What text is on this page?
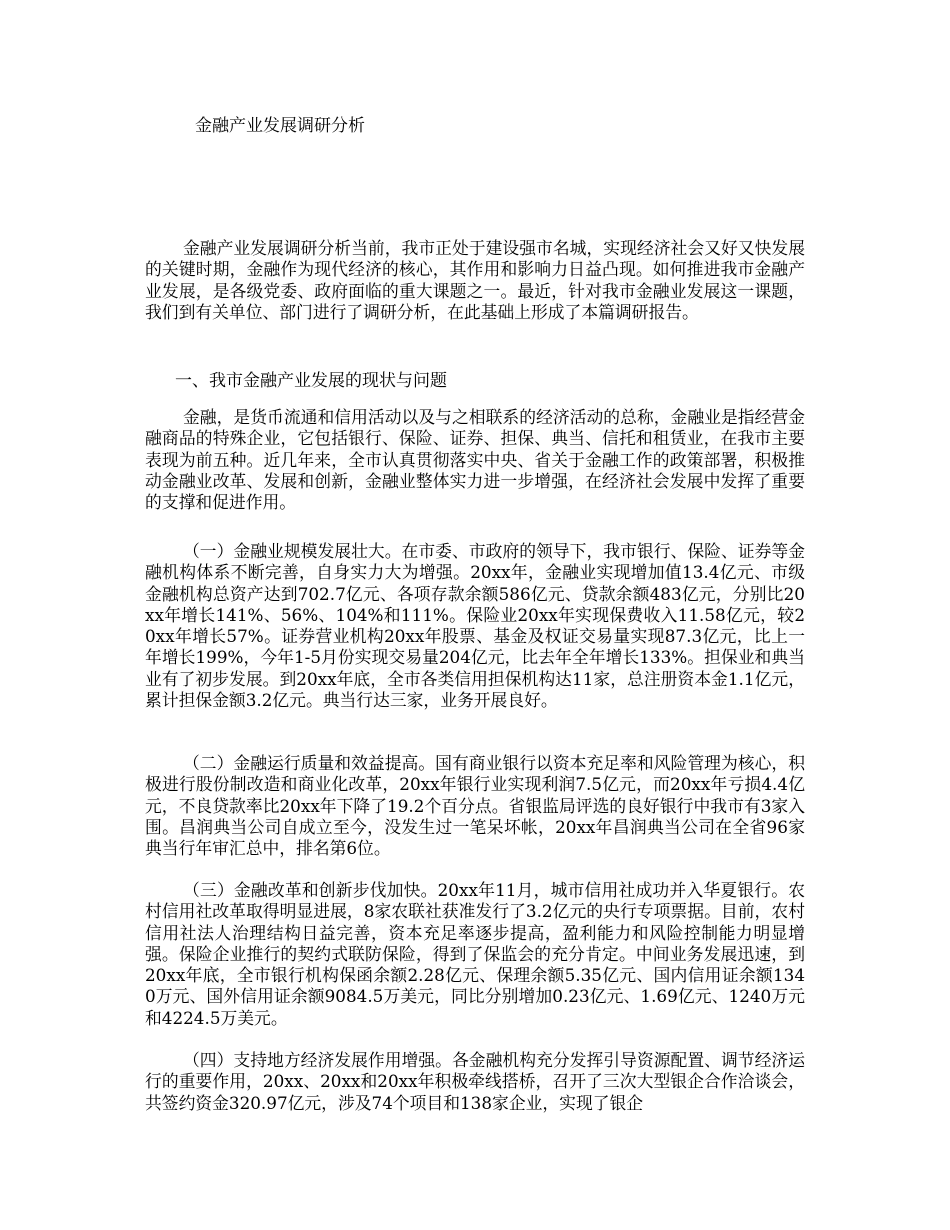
金融产业发展调研分析

金融产业发展调研分析当前，我市正处于建设强市名城，实现经济社会又好又快发展的关键时期，金融作为现代经济的核心，其作用和影响力日益凸现。如何推进我市金融产业发展，是各级党委、政府面临的重大课题之一。最近，针对我市金融业发展这一课题，我们到有关单位、部门进行了调研分析，在此基础上形成了本篇调研报告。

一、我市金融产业发展的现状与问题

金融，是货币流通和信用活动以及与之相联系的经济活动的总称，金融业是指经营金融商品的特殊企业，它包括银行、保险、证券、担保、典当、信托和租赁业，在我市主要表现为前五种。近几年来，全市认真贯彻落实中央、省关于金融工作的政策部署，积极推动金融业改革、发展和创新，金融业整体实力进一步增强，在经济社会发展中发挥了重要的支撑和促进作用。

（一）金融业规模发展壮大。在市委、市政府的领导下，我市银行、保险、证券等金融机构体系不断完善，自身实力大为增强。20xx年，金融业实现增加值13.4亿元、市级金融机构总资产达到702.7亿元、各项存款余额586亿元、贷款余额483亿元，分别比20xx年增长141%、56%、104%和111%。保险业20xx年实现保费收入11.58亿元，较20xx年增长57%。证券营业机构20xx年股票、基金及权证交易量实现87.3亿元，比上一年增长199%，今年1-5月份实现交易量204亿元，比去年全年增长133%。担保业和典当业有了初步发展。到20xx年底，全市各类信用担保机构达11家，总注册资本金1.1亿元，累计担保金额3.2亿元。典当行达三家，业务开展良好。

（二）金融运行质量和效益提高。国有商业银行以资本充足率和风险管理为核心，积极进行股份制改造和商业化改革，20xx年银行业实现利润7.5亿元，而20xx年亏损4.4亿元，不良贷款率比20xx年下降了19.2个百分点。省银监局评选的良好银行中我市有3家入围。昌润典当公司自成立至今，没发生过一笔呆坏帐，20xx年昌润典当公司在全省96家典当行年审汇总中，排名第6位。

（三）金融改革和创新步伐加快。20xx年11月，城市信用社成功并入华夏银行。农村信用社改革取得明显进展，8家农联社获准发行了3.2亿元的央行专项票据。目前，农村信用社法人治理结构日益完善，资本充足率逐步提高，盈利能力和风险控制能力明显增强。保险企业推行的契约式联防保险，得到了保监会的充分肯定。中间业务发展迅速，到20xx年底，全市银行机构保函余额2.28亿元、保理余额5.35亿元、国内信用证余额1340万元、国外信用证余额9084.5万美元，同比分别增加0.23亿元、1.69亿元、1240万元和4224.5万美元。

（四）支持地方经济发展作用增强。各金融机构充分发挥引导资源配置、调节经济运行的重要作用，20xx、20xx和20xx年积极牵线搭桥，召开了三次大型银企合作洽谈会，共签约资金320.97亿元，涉及74个项目和138家企业，实现了银企
